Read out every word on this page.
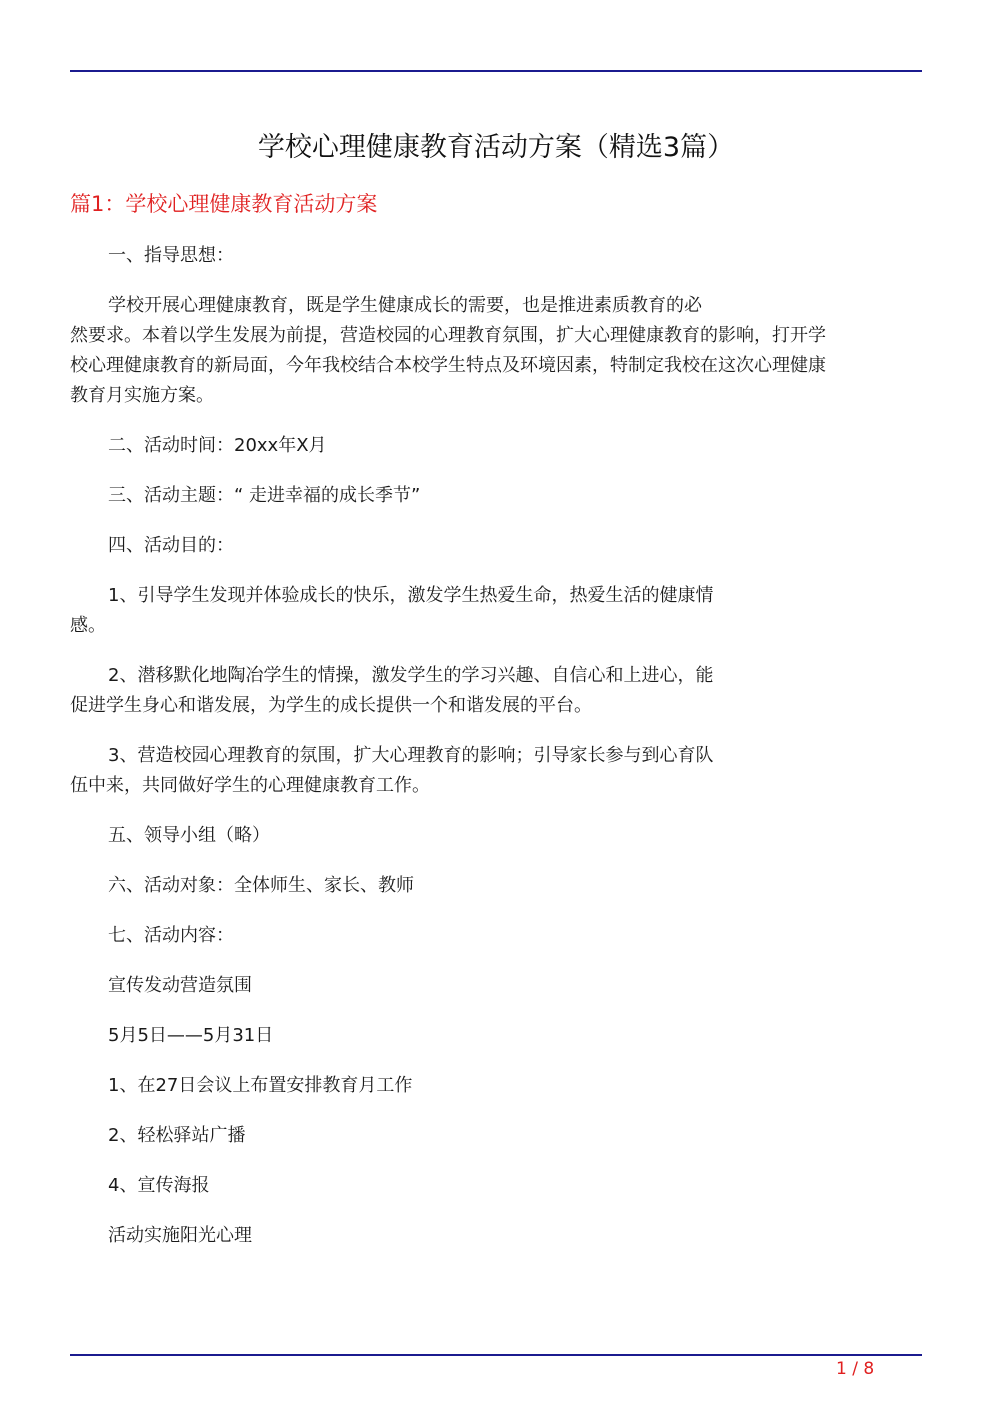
学校心理健康教育活动方案（精选3篇）
篇1：学校心理健康教育活动方案
一、指导思想：
学校开展心理健康教育，既是学生健康成长的需要，也是推进素质教育的必
然要求。本着以学生发展为前提，营造校园的心理教育氛围，扩大心理健康教育的影响，打开学
校心理健康教育的新局面，今年我校结合本校学生特点及环境因素，特制定我校在这次心理健康
教育月实施方案。
二、活动时间：20xx年X月
三、活动主题：“ 走进幸福的成长季节”
四、活动目的：
1、引导学生发现并体验成长的快乐，激发学生热爱生命，热爱生活的健康情
感。
2、潜移默化地陶冶学生的情操，激发学生的学习兴趣、自信心和上进心，能
促进学生身心和谐发展，为学生的成长提供一个和谐发展的平台。
3、营造校园心理教育的氛围，扩大心理教育的影响；引导家长参与到心育队
伍中来，共同做好学生的心理健康教育工作。
五、领导小组（略）
六、活动对象：全体师生、家长、教师
七、活动内容：
宣传发动营造氛围
5月5日——5月31日
1、在27日会议上布置安排教育月工作
2、轻松驿站广播
4、宣传海报
活动实施阳光心理
1 / 8
